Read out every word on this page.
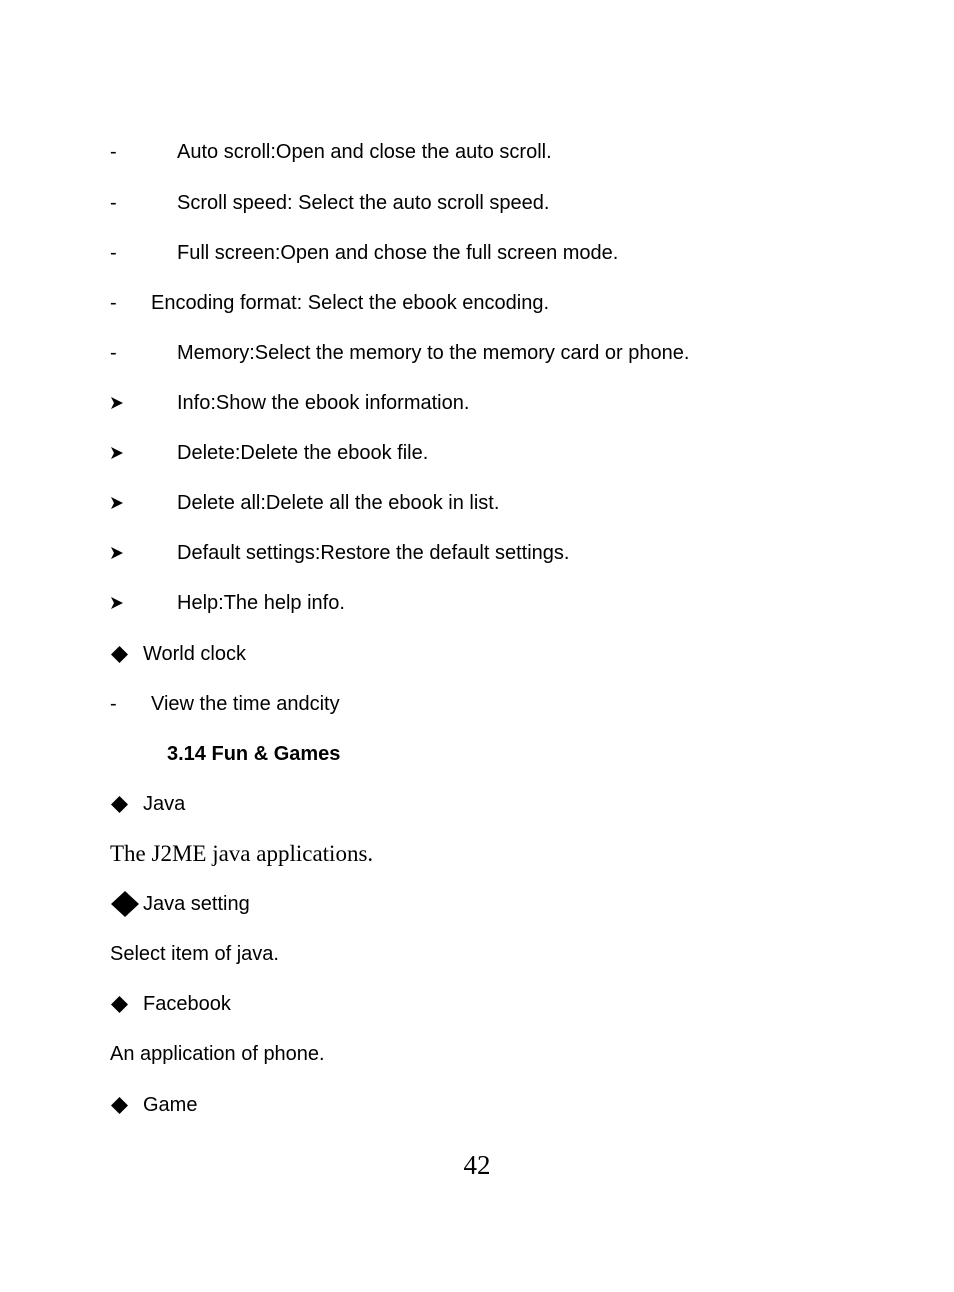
-	Auto scroll:Open and close the auto scroll.
-	Scroll speed: Select the auto scroll speed.
-	Full screen:Open and chose the full screen mode.
- Encoding format: Select the ebook encoding.
-	Memory:Select the memory to the memory card or phone.
Info:Show the ebook information.
Delete:Delete the ebook file.
Delete all:Delete all the ebook in list.
Default settings:Restore the default settings.
Help:The help info.
World clock
- View the time andcity
3.14 Fun & Games
Java
The J2ME java applications.
Java setting
Select item of java.
Facebook
An application of phone.
Game
42
